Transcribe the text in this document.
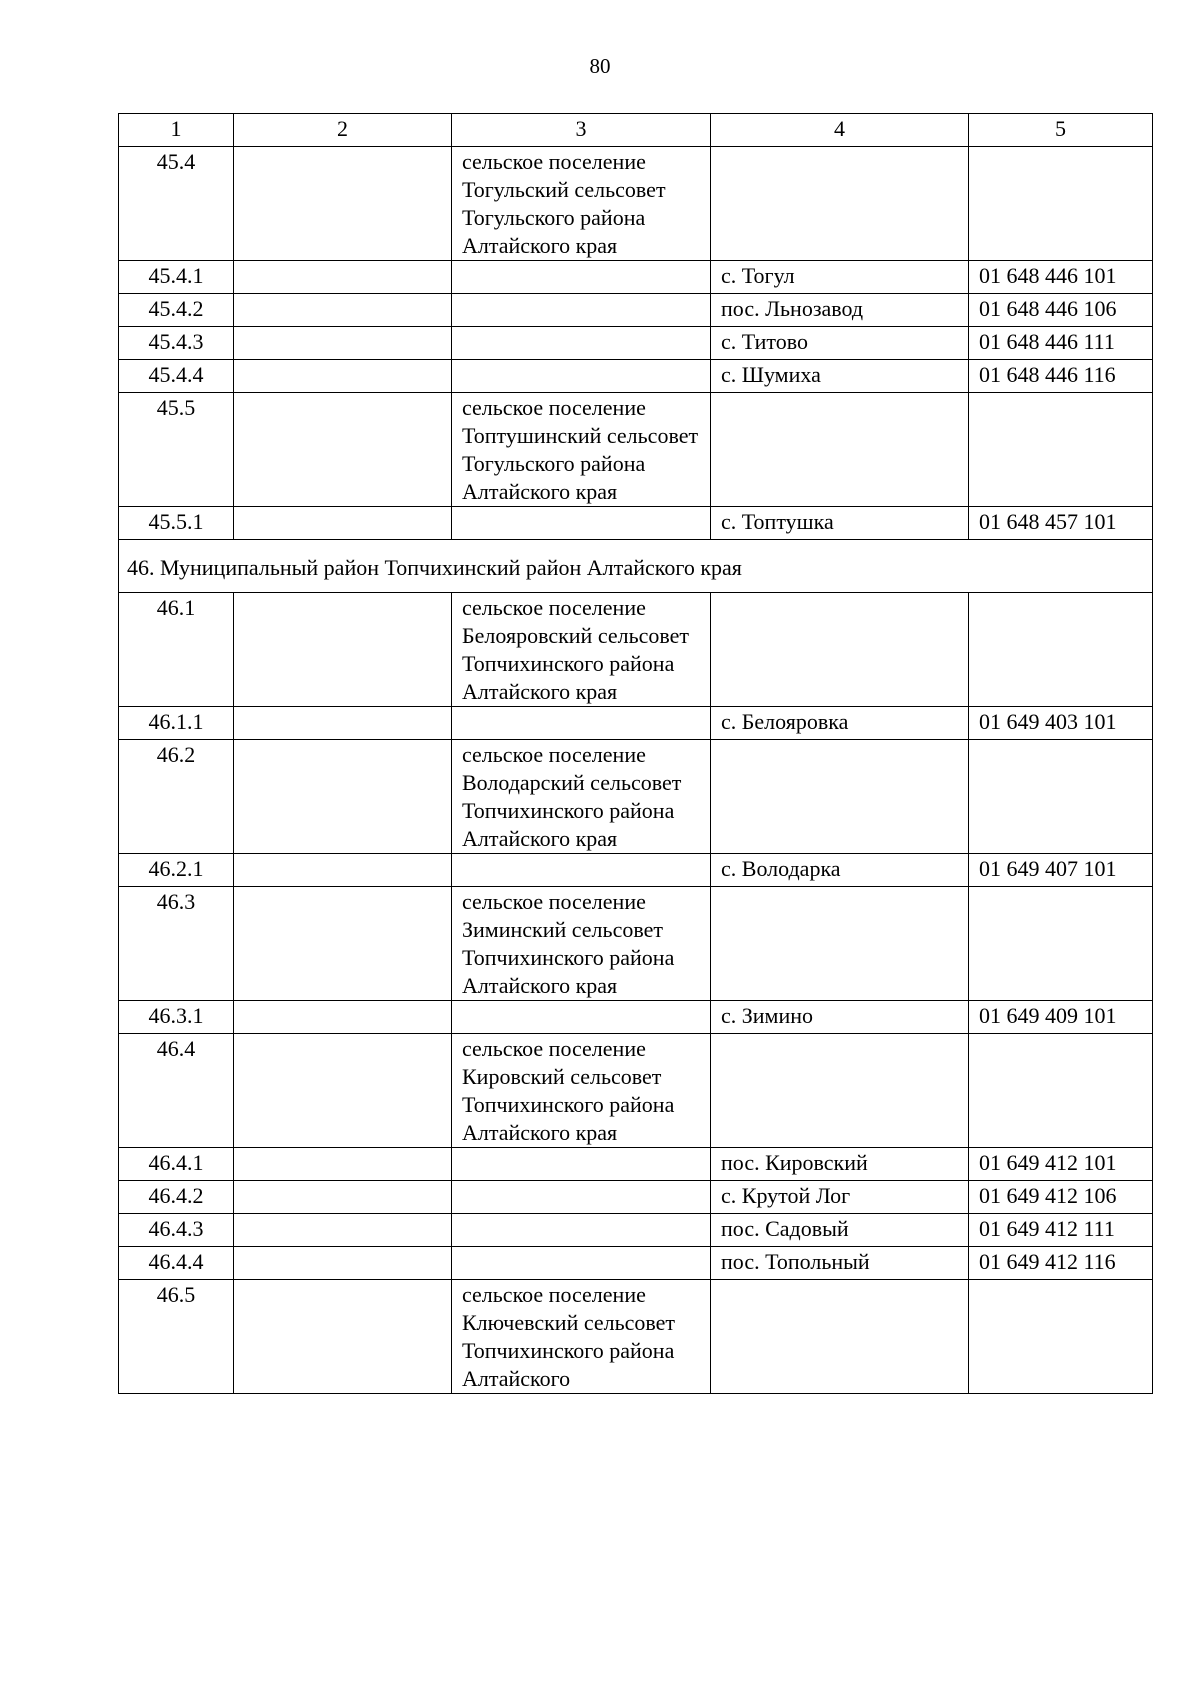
80
1	2	3	4	5
45.4		сельское поселение Тогульский сельсовет Тогульского района Алтайского края		
45.4.1			с. Тогул	01 648 446 101
45.4.2			пос. Льнозавод	01 648 446 106
45.4.3			с. Титово	01 648 446 111
45.4.4			с. Шумиха	01 648 446 116
45.5		сельское поселение Топтушинский сельсовет Тогульского района Алтайского края		
45.5.1			с. Топтушка	01 648 457 101
46. Муниципальный район Топчихинский район Алтайского края				
46.1		сельское поселение Белояровский сельсовет Топчихинского района Алтайского края		
46.1.1			с. Белояровка	01 649 403 101
46.2		сельское поселение Володарский сельсовет Топчихинского района Алтайского края		
46.2.1			с. Володарка	01 649 407 101
46.3		сельское поселение Зиминский сельсовет Топчихинского района Алтайского края		
46.3.1			с. Зимино	01 649 409 101
46.4		сельское поселение Кировский сельсовет Топчихинского района Алтайского края		
46.4.1			пос. Кировский	01 649 412 101
46.4.2			с. Крутой Лог	01 649 412 106
46.4.3			пос. Садовый	01 649 412 111
46.4.4			пос. Топольный	01 649 412 116
46.5		сельское поселение Ключевский сельсовет Топчихинского района Алтайского		
